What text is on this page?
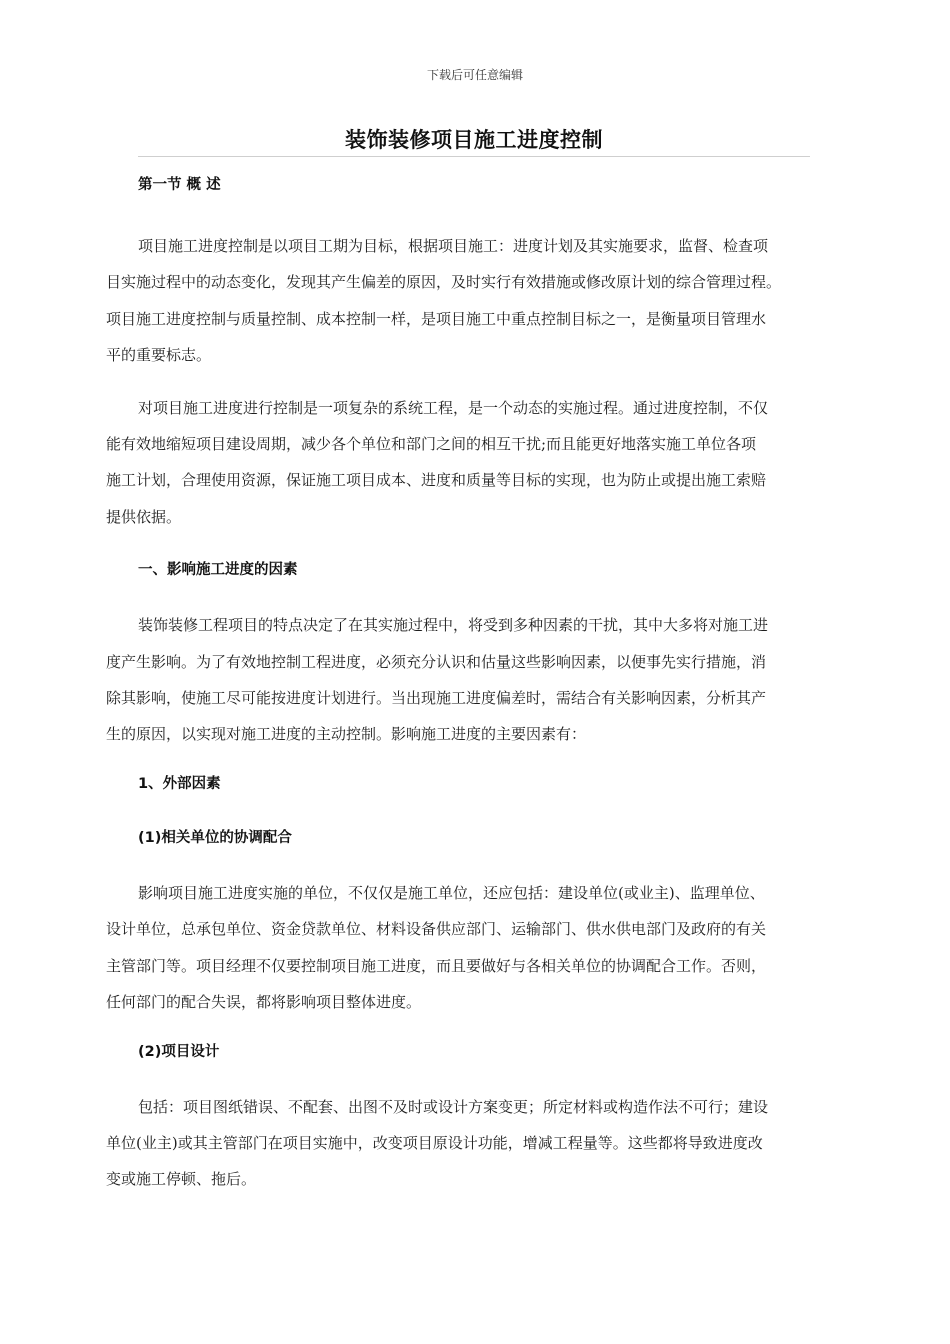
下载后可任意编辑
装饰装修项目施工进度控制
第一节 概 述
项目施工进度控制是以项目工期为目标，根据项目施工：进度计划及其实施要求，监督、检查项
目实施过程中的动态变化，发现其产生偏差的原因，及时实行有效措施或修改原计划的综合管理过程。
项目施工进度控制与质量控制、成本控制一样，是项目施工中重点控制目标之一，是衡量项目管理水
平的重要标志。
对项目施工进度进行控制是一项复杂的系统工程，是一个动态的实施过程。通过进度控制，不仅
能有效地缩短项目建设周期，减少各个单位和部门之间的相互干扰;而且能更好地落实施工单位各项
施工计划，合理使用资源，保证施工项目成本、进度和质量等目标的实现，也为防止或提出施工索赔
提供依据。
一、影响施工进度的因素
装饰装修工程项目的特点决定了在其实施过程中，将受到多种因素的干扰，其中大多将对施工进
度产生影响。为了有效地控制工程进度，必须充分认识和估量这些影响因素，以便事先实行措施，消
除其影响，使施工尽可能按进度计划进行。当出现施工进度偏差时，需结合有关影响因素，分析其产
生的原因，以实现对施工进度的主动控制。影响施工进度的主要因素有：
1、外部因素
(1)相关单位的协调配合
影响项目施工进度实施的单位，不仅仅是施工单位，还应包括：建设单位(或业主)、监理单位、
设计单位，总承包单位、资金贷款单位、材料设备供应部门、运输部门、供水供电部门及政府的有关
主管部门等。项目经理不仅要控制项目施工进度，而且要做好与各相关单位的协调配合工作。否则，
任何部门的配合失误，都将影响项目整体进度。
(2)项目设计
包括：项目图纸错误、不配套、出图不及时或设计方案变更；所定材料或构造作法不可行；建设
单位(业主)或其主管部门在项目实施中，改变项目原设计功能，增减工程量等。这些都将导致进度改
变或施工停顿、拖后。
